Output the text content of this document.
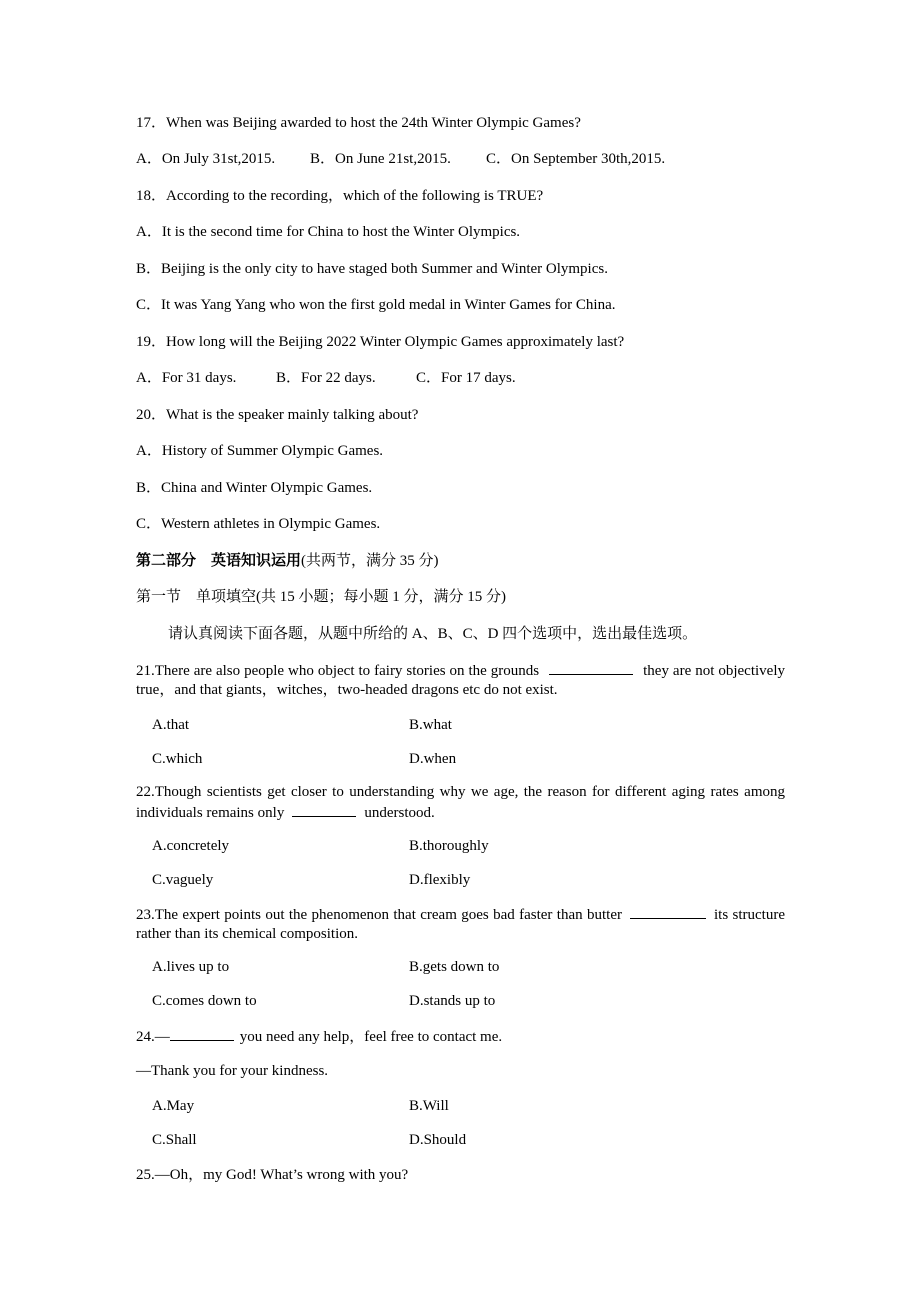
17．When was Beijing awarded to host the 24th Winter Olympic Games?
A．On July 31st,2015. B．On June 21st,2015. C．On September 30th,2015.
18．According to the recording，which of the following is TRUE?
A．It is the second time for China to host the Winter Olympics.
B．Beijing is the only city to have staged both Summer and Winter Olympics.
C．It was Yang Yang who won the first gold medal in Winter Games for China.
19．How long will the Beijing 2022 Winter Olympic Games approximately last?
A．For 31 days.	B．For 22 days.	C．For 17 days.
20．What is the speaker mainly talking about?
A．History of Summer Olympic Games.
B．China and Winter Olympic Games.
C．Western athletes in Olympic Games.
第二部分　英语知识运用(共两节，满分 35 分)
第一节　单项填空(共 15 小题；每小题 1 分，满分 15 分)
请认真阅读下面各题，从题中所给的 A、B、C、D 四个选项中，选出最佳选项。
21.There are also people who object to fairy stories on the grounds	they are not objectively true，and that giants，witches，two-headed dragons etc do not exist.
A.that	B.what
C.which	D.when
22.Though scientists get closer to understanding why we age, the reason for different aging rates among individuals remains only	understood.
A.concretely	B.thoroughly
C.vaguely	D.flexibly
23.The expert points out the phenomenon that cream goes bad faster than butter	its structure rather than its chemical composition.
A.lives up to	B.gets down to
C.comes down to	D.stands up to
24.—	you need any help，feel free to contact me.
—Thank you for your kindness.
A.May	B.Will
C.Shall	D.Should
25.—Oh，my God! What’s wrong with you?
